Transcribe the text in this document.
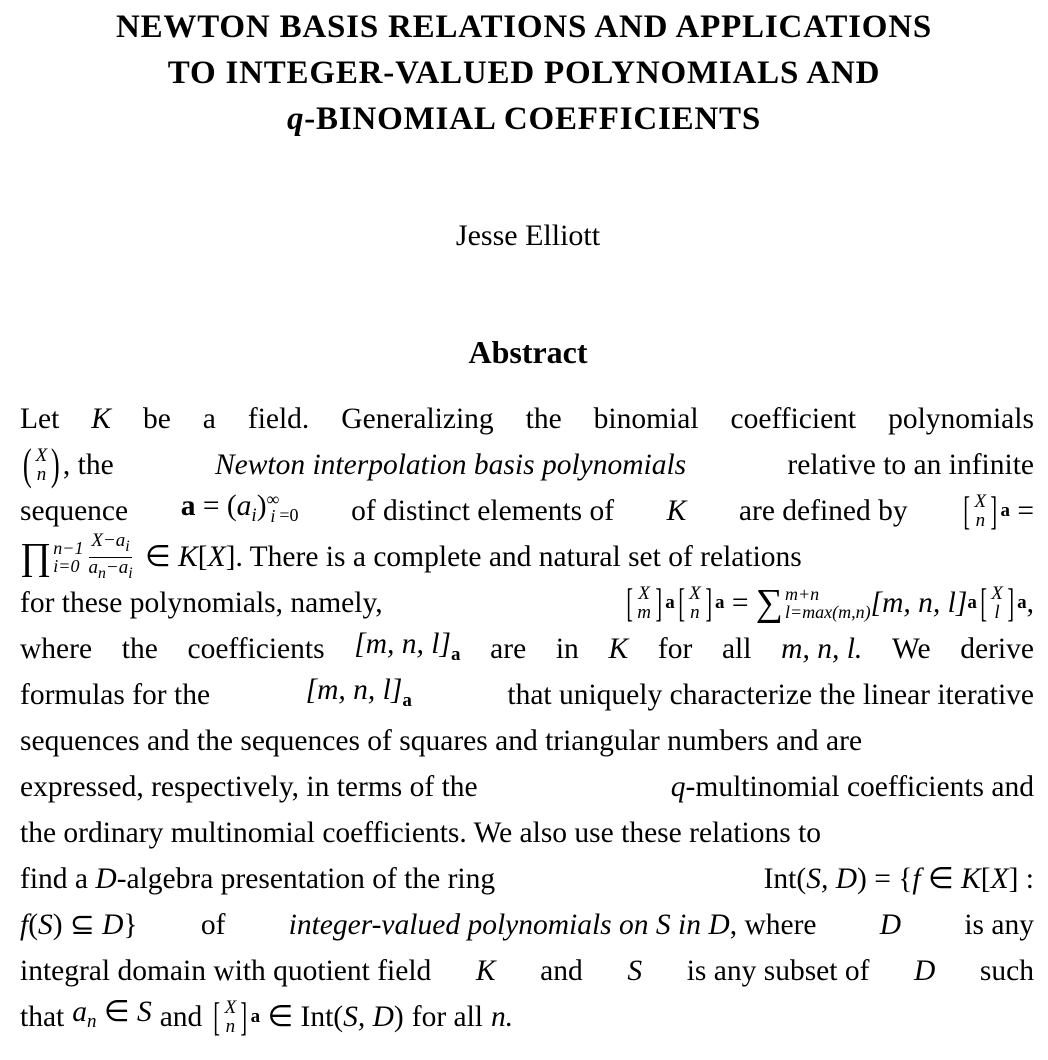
NEWTON BASIS RELATIONS AND APPLICATIONS
TO INTEGER-VALUED POLYNOMIALS AND
q-BINOMIAL COEFFICIENTS
Jesse Elliott
Abstract
Let K be a field. Generalizing the binomial coefficient polynomials
( X
n ) , the	Newton interpolation basis polynomials	relative to an infinite
sequence $a = (a_i)$ ∞
i $_{=0}$ of distinct elements of K are defined by [ X
n ] a =
∏ n−1
$i=0 \frac{X-a_i}{a_n-a_i}$ ∈ K[X] . There is a complete and natural set of relations
for these polynomials, namely,	[ X
m ] a [ X
n ] a = ∑ m+n
l=max(m,n) [m, n, l] a [ X
l ] a ,
where the coefficients [m, n, $l]_a$ are in K for all m, n, l. We derive
formulas for the	[m, n, $l]_a$	that uniquely characterize the linear iterative
sequences and the sequences of squares and triangular numbers and are
expressed, respectively, in terms of the	q-multinomial coefficients and
the ordinary multinomial coefficients. We also use these relations to
find a D-algebra presentation of the ring	Int(S, D) = {f ∈ K[X] :
f(S) ⊆ D} of integer-valued polynomials on S in D, where D is any
integral domain with quotient field K and S is any subset of D such
that $a_n$ ∈ S and [ X
n ] a ∈ Int( S, D ) for all n.
